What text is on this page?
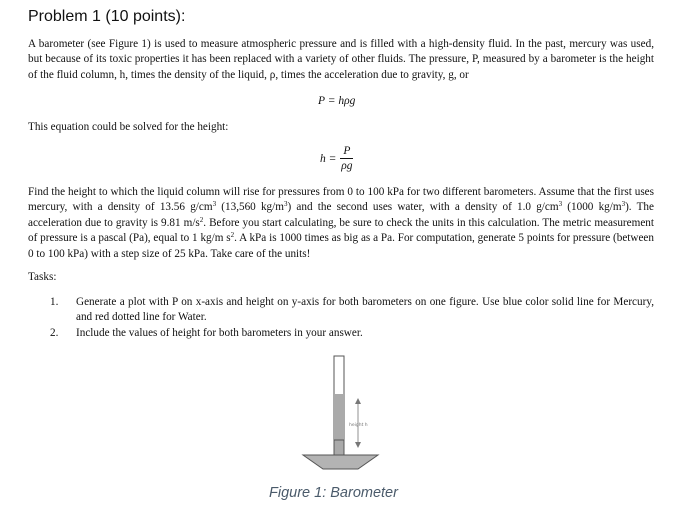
Problem 1 (10 points):

A barometer (see Figure 1) is used to measure atmospheric pressure and is filled with a high-density fluid. In the past, mercury was used, but because of its toxic properties it has been replaced with a variety of other fluids. The pressure, P, measured by a barometer is the height of the fluid column, h, times the density of the liquid, ρ, times the acceleration due to gravity, g, or

P = hρg

This equation could be solved for the height:

$h = \frac{P}{\rho g}$

Find the height to which the liquid column will rise for pressures from 0 to 100 kPa for two different barometers. Assume that the first uses mercury, with a density of 13.56 $g/cm^3$ (13,560 $kg/m^3$) and the second uses water, with a density of 1.0 $g/cm^3$ (1000 $kg/m^3$). The acceleration due to gravity is 9.81 $m/s^2$. Before you start calculating, be sure to check the units in this calculation. The metric measurement of pressure is a pascal (Pa), equal to 1 kg/m $s^2$. A kPa is 1000 times as big as a Pa. For computation, generate 5 points for pressure (between 0 to 100 kPa) with a step size of 25 kPa. Take care of the units!

Tasks:

1.	Generate a plot with P on x-axis and height on y-axis for both barometers on one figure. Use blue color solid line for Mercury, and red dotted line for Water.
2.	Include the values of height for both barometers in your answer.
height h
Figure 1: Barometer
